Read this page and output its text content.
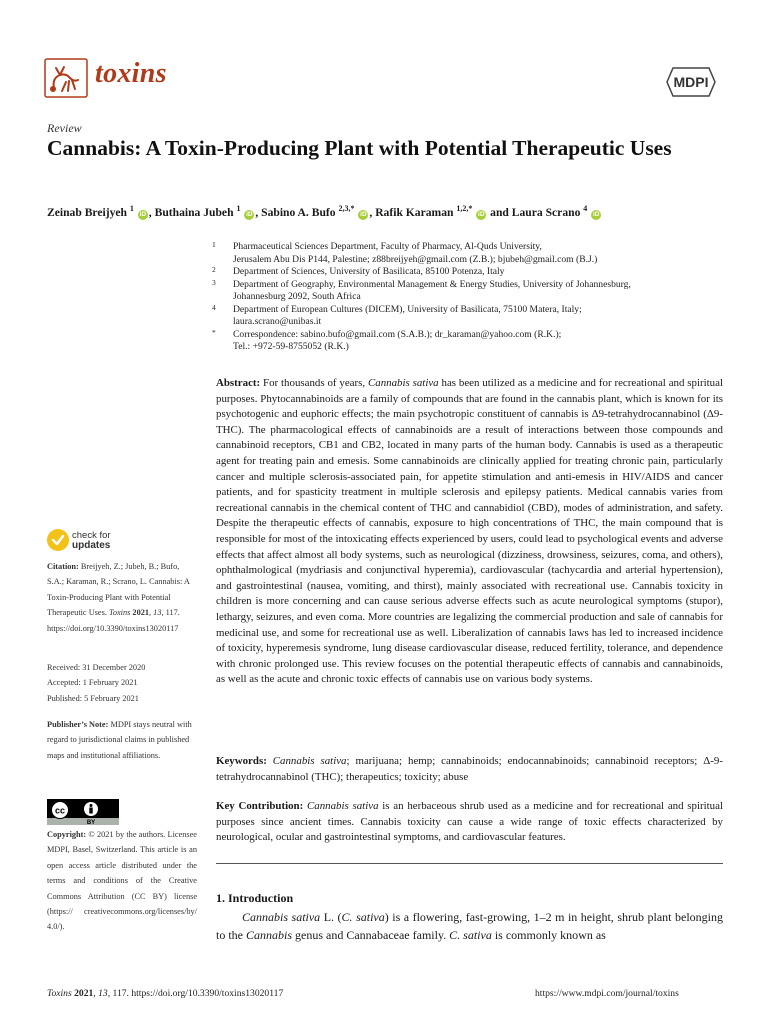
toxins	MDPI
Review
Cannabis: A Toxin-Producing Plant with Potential Therapeutic Uses
Zeinab Breijyeh $^1$ iD , Buthaina Jubeh $^1$ iD , Sabino A. Bufo $^{2,3,*}$ iD , Rafik Karaman $^{1,2,*}$ iD and Laura Scrano $^4$ iD
1 Pharmaceutical Sciences Department, Faculty of Pharmacy, Al-Quds University,
Jerusalem Abu Dis P144, Palestine; z88breijyeh@gmail.com (Z.B.); bjubeh@gmail.com (B.J.)
2 Department of Sciences, University of Basilicata, 85100 Potenza, Italy
3 Department of Geography, Environmental Management & Energy Studies, University of Johannesburg,
Johannesburg 2092, South Africa
4 Department of European Cultures (DICEM), University of Basilicata, 75100 Matera, Italy;
laura.scrano@unibas.it
* Correspondence: sabino.bufo@gmail.com (S.A.B.); dr_karaman@yahoo.com (R.K.);
Tel.: +972-59-8755052 (R.K.)
Abstract: For thousands of years, Cannabis sativa has been utilized as a medicine and for recreational and spiritual purposes. Phytocannabinoids are a family of compounds that are found in the cannabis plant, which is known for its psychotogenic and euphoric effects; the main psychotropic constituent of cannabis is Δ9-tetrahydrocannabinol (Δ9-THC). The pharmacological effects of cannabinoids are a result of interactions between those compounds and cannabinoid receptors, CB1 and CB2, located in many parts of the human body. Cannabis is used as a therapeutic agent for treating pain and emesis. Some cannabinoids are clinically applied for treating chronic pain, particularly cancer and multiple sclerosis-associated pain, for appetite stimulation and anti-emesis in HIV/AIDS and cancer patients, and for spasticity treatment in multiple sclerosis and epilepsy patients. Medical cannabis varies from recreational cannabis in the chemical content of THC and cannabidiol (CBD), modes of administration, and safety. Despite the therapeutic effects of cannabis, exposure to high concentrations of THC, the main compound that is responsible for most of the intoxicating effects experienced by users, could lead to psychological events and adverse effects that affect almost all body systems, such as neurological (dizziness, drowsiness, seizures, coma, and others), ophthalmological (mydriasis and conjunctival hyperemia), cardiovascular (tachycardia and arterial hypertension), and gastrointestinal (nausea, vomiting, and thirst), mainly associated with recreational use. Cannabis toxicity in children is more concerning and can cause serious adverse effects such as acute neurological symptoms (stupor), lethargy, seizures, and even coma. More countries are legalizing the commercial production and sale of cannabis for medicinal use, and some for recreational use as well. Liberalization of cannabis laws has led to increased incidence of toxicity, hyperemesis syndrome, lung disease cardiovascular disease, reduced fertility, tolerance, and dependence with chronic prolonged use. This review focuses on the potential therapeutic effects of cannabis and cannabinoids, as well as the acute and chronic toxic effects of cannabis use on various body systems.
Keywords: Cannabis sativa; marijuana; hemp; cannabinoids; endocannabinoids; cannabinoid receptors; Δ-9-tetrahydrocannabinol (THC); therapeutics; toxicity; abuse
Key Contribution: Cannabis sativa is an herbaceous shrub used as a medicine and for recreational and spiritual purposes since ancient times. Cannabis toxicity can cause a wide range of toxic effects characterized by neurological, ocular and gastrointestinal symptoms, and cardiovascular features.
1. Introduction
Cannabis sativa L. (C. sativa) is a flowering, fast-growing, 1–2 m in height, shrub plant belonging to the Cannabis genus and Cannabaceae family. C. sativa is commonly known as
check for
updates
Citation: Breijyeh, Z.; Jubeh, B.; Bufo, S.A.; Karaman, R.; Scrano, L. Cannabis: A Toxin-Producing Plant with Potential Therapeutic Uses. Toxins 2021, 13, 117. https://doi.org/10.3390/toxins13020117
Received: 31 December 2020
Accepted: 1 February 2021
Published: 5 February 2021
Publisher’s Note: MDPI stays neutral with regard to jurisdictional claims in published maps and institutional affiliations.
cc
BY
Copyright: © 2021 by the authors. Licensee MDPI, Basel, Switzerland. This article is an open access article distributed under the terms and conditions of the Creative Commons Attribution (CC BY) license (https:// creativecommons.org/licenses/by/ 4.0/).
Toxins 2021, 13, 117. https://doi.org/10.3390/toxins13020117	https://www.mdpi.com/journal/toxins
